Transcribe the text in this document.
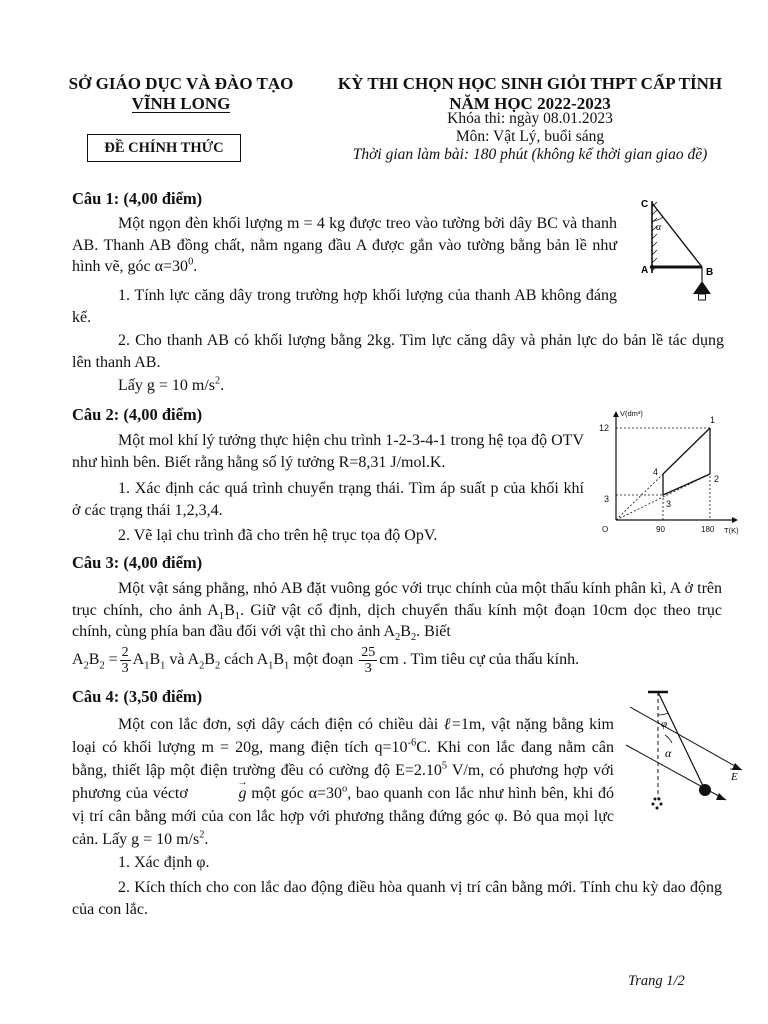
SỞ GIÁO DỤC VÀ ĐÀO TẠO
VĨNH LONG
ĐỀ CHÍNH THỨC
KỲ THI CHỌN HỌC SINH GIỎI THPT CẤP TỈNH
NĂM HỌC 2022-2023
Khóa thi: ngày 08.01.2023
Môn: Vật Lý, buổi sáng
Thời gian làm bài: 180 phút (không kể thời gian giao đề)
Câu 1: (4,00 điểm)
Một ngọn đèn khối lượng m = 4 kg được treo vào tường bởi dây BC và thanh AB. Thanh AB đồng chất, nằm ngang đầu A được gắn vào tường bằng bản lề như hình vẽ, góc $\alpha=30^0$.
1. Tính lực căng dây trong trường hợp khối lượng của thanh AB không đáng kể.
2. Cho thanh AB có khối lượng bằng 2kg. Tìm lực căng dây và phản lực do bản lề tác dụng lên thanh AB.
Lấy g = 10 $m/s^2$.
C
A	B
α
Câu 2: (4,00 điểm)
Một mol khí lý tưởng thực hiện chu trình 1-2-3-4-1 trong hệ tọa độ OTV như hình bên. Biết rằng hằng số lý tưởng R=8,31 J/mol.K.
1. Xác định các quá trình chuyển trạng thái. Tìm áp suất p của khối khí ở các trạng thái 1,2,3,4.
2. Vẽ lại chu trình đã cho trên hệ trục tọa độ OpV.
V(dm³)
T(K)
O
12
3
90	180
1
2
3
4
Câu 3: (4,00 điểm)
Một vật sáng phẳng, nhỏ AB đặt vuông góc với trục chính của một thấu kính phân kì, A ở trên trục chính, cho ảnh $A_1B_1$. Giữ vật cố định, dịch chuyển thấu kính một đoạn 10cm dọc theo trục chính, cùng phía ban đầu đối với vật thì cho ảnh $A_2B_2$. Biết
$A_2B_2 = \frac{2}{3} A_1B_1$ và $A_2B_2$ cách $A_1B_1$ một đoạn $\frac{25}{3}$ cm . Tìm tiêu cự của thấu kính.
Câu 4: (3,50 điểm)
Một con lắc đơn, sợi dây cách điện có chiều dài ℓ=1m, vật nặng bằng kim loại có khối lượng m = 20g, mang điện tích $q=10^{-6}C$. Khi con lắc đang nằm cân bằng, thiết lập một điện trường đều có cường độ $E=2.10^5$ V/m, có phương hợp với phương của véctơ →	g một góc $\alpha=30^o$, bao quanh con lắc như hình bên, khi đó vị trí cân bằng mới của con lắc hợp với phương thẳng đứng góc φ. Bỏ qua mọi lực cản. Lấy g = 10 $m/s^2$.
1. Xác định φ.
2. Kích thích cho con lắc dao động điều hòa quanh vị trí cân bằng mới. Tính chu kỳ dao động của con lắc.
φ
α
E
Trang 1/2
